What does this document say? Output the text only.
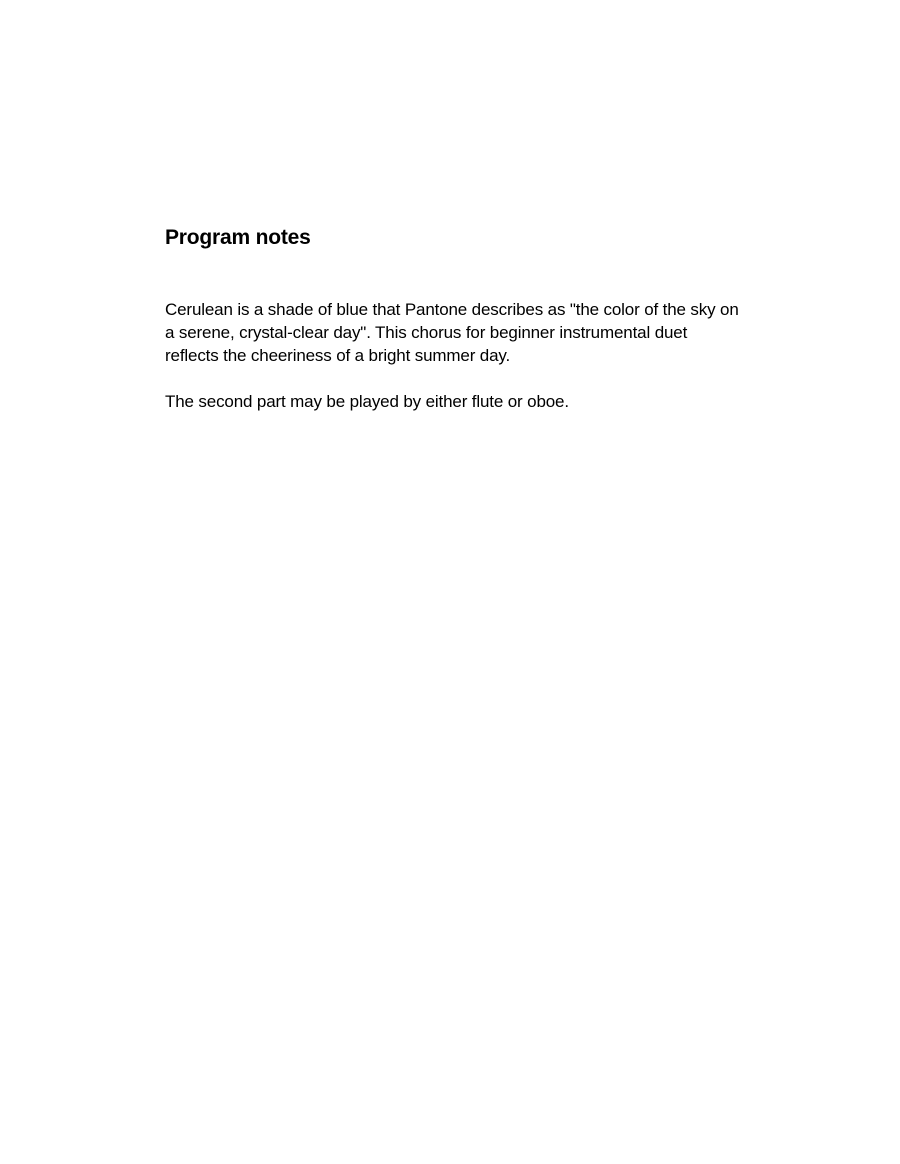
Program notes

Cerulean is a shade of blue that Pantone describes as "the color of the sky on a serene, crystal-clear day". This chorus for beginner instrumental duet reflects the cheeriness of a bright summer day.

The second part may be played by either flute or oboe.
